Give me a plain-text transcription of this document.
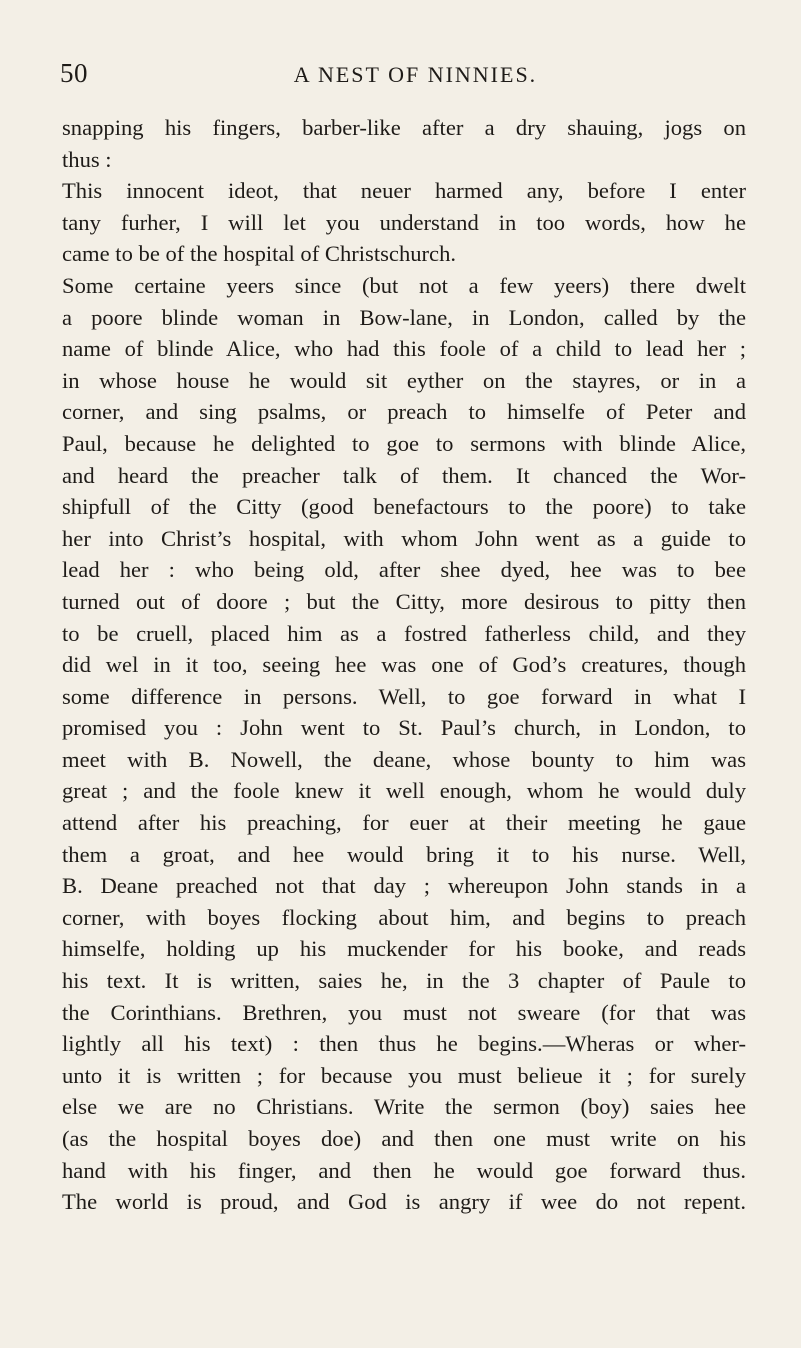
50	A NEST OF NINNIES.
snapping his fingers, barber-like after a dry shauing, jogs on
thus :
This innocent ideot, that neuer harmed any, before I enter
tany furher, I will let you understand in too words, how he
came to be of the hospital of Christschurch.
Some certaine yeers since (but not a few yeers) there dwelt
a poore blinde woman in Bow-lane, in London, called by the
name of blinde Alice, who had this foole of a child to lead her ;
in whose house he would sit eyther on the stayres, or in a
corner, and sing psalms, or preach to himselfe of Peter and
Paul, because he delighted to goe to sermons with blinde Alice,
and heard the preacher talk of them. It chanced the Wor-
shipfull of the Citty (good benefactours to the poore) to take
her into Christ’s hospital, with whom John went as a guide to
lead her : who being old, after shee dyed, hee was to bee
turned out of doore ; but the Citty, more desirous to pitty then
to be cruell, placed him as a fostred fatherless child, and they
did wel in it too, seeing hee was one of God’s creatures, though
some difference in persons. Well, to goe forward in what I
promised you : John went to St. Paul’s church, in London, to
meet with B. Nowell, the deane, whose bounty to him was
great ; and the foole knew it well enough, whom he would duly
attend after his preaching, for euer at their meeting he gaue
them a groat, and hee would bring it to his nurse. Well,
B. Deane preached not that day ; whereupon John stands in a
corner, with boyes flocking about him, and begins to preach
himselfe, holding up his muckender for his booke, and reads
his text. It is written, saies he, in the 3 chapter of Paule to
the Corinthians. Brethren, you must not sweare (for that was
lightly all his text) : then thus he begins.—Wheras or wher-
unto it is written ; for because you must belieue it ; for surely
else we are no Christians. Write the sermon (boy) saies hee
(as the hospital boyes doe) and then one must write on his
hand with his finger, and then he would goe forward thus.
The world is proud, and God is angry if wee do not repent.
